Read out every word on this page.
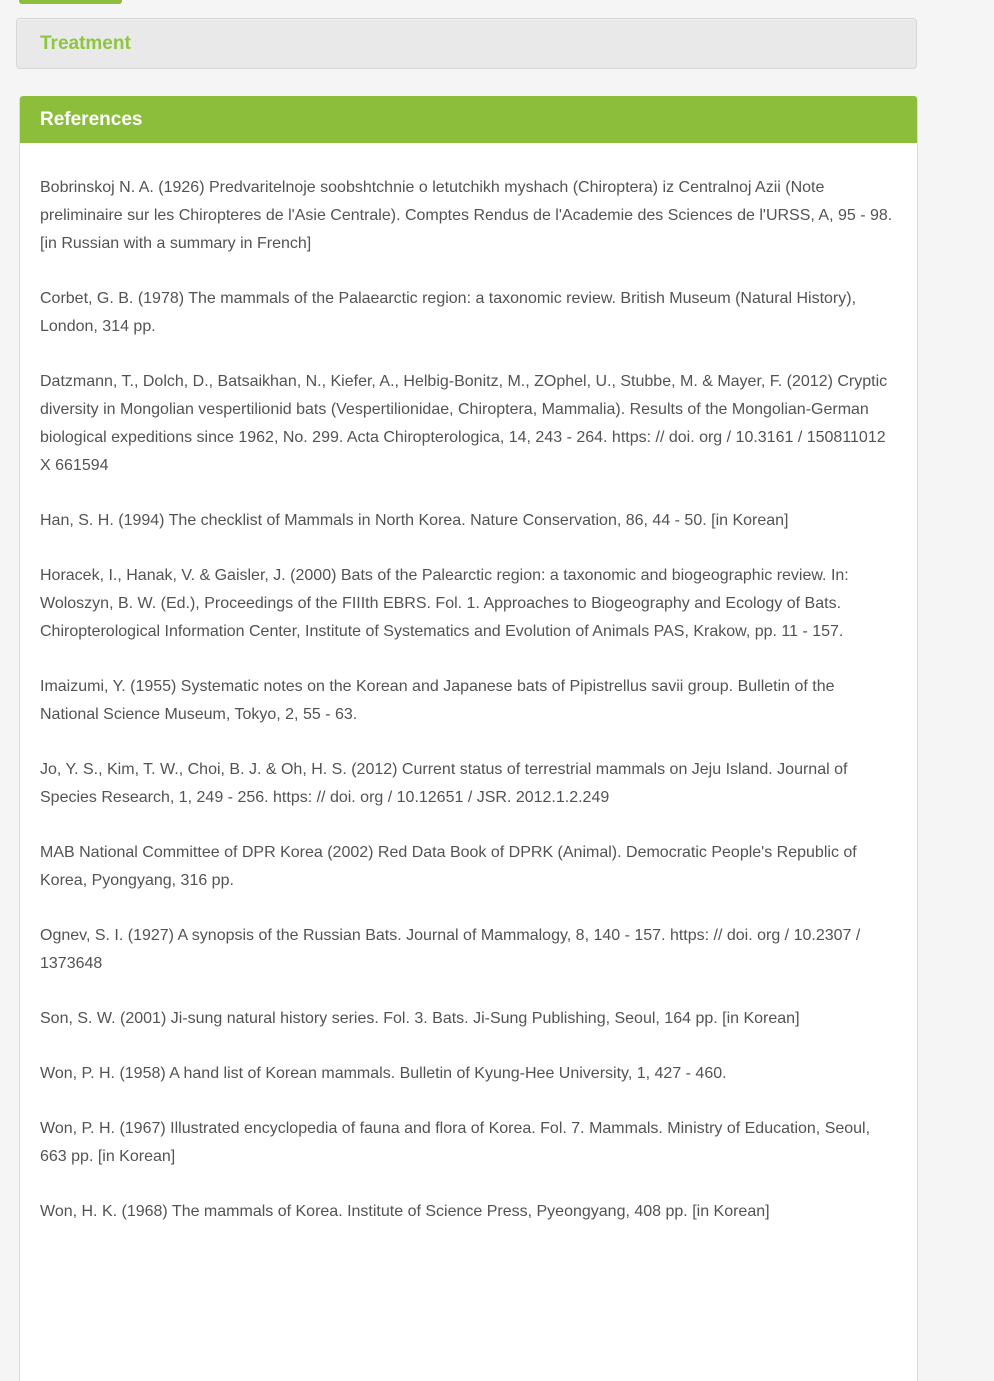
Treatment
References

Bobrinskoj N. A. (1926) Predvaritelnoje soobshtchnie o letutchikh myshach (Chiroptera) iz Centralnoj Azii (Note preliminaire sur les Chiropteres de l'Asie Centrale). Comptes Rendus de l'Academie des Sciences de l'URSS, A, 95 - 98. [in Russian with a summary in French]

Corbet, G. B. (1978) The mammals of the Palaearctic region: a taxonomic review. British Museum (Natural History), London, 314 pp.

Datzmann, T., Dolch, D., Batsaikhan, N., Kiefer, A., Helbig-Bonitz, M., ZOphel, U., Stubbe, M. & Mayer, F. (2012) Cryptic diversity in Mongolian vespertilionid bats (Vespertilionidae, Chiroptera, Mammalia). Results of the Mongolian-German biological expeditions since 1962, No. 299. Acta Chiropterologica, 14, 243 - 264. https: // doi. org / 10.3161 / 150811012 X 661594

Han, S. H. (1994) The checklist of Mammals in North Korea. Nature Conservation, 86, 44 - 50. [in Korean]

Horacek, I., Hanak, V. & Gaisler, J. (2000) Bats of the Palearctic region: a taxonomic and biogeographic review. In: Woloszyn, B. W. (Ed.), Proceedings of the FIIIth EBRS. Fol. 1. Approaches to Biogeography and Ecology of Bats. Chiropterological Information Center, Institute of Systematics and Evolution of Animals PAS, Krakow, pp. 11 - 157.

Imaizumi, Y. (1955) Systematic notes on the Korean and Japanese bats of Pipistrellus savii group. Bulletin of the National Science Museum, Tokyo, 2, 55 - 63.

Jo, Y. S., Kim, T. W., Choi, B. J. & Oh, H. S. (2012) Current status of terrestrial mammals on Jeju Island. Journal of Species Research, 1, 249 - 256. https: // doi. org / 10.12651 / JSR. 2012.1.2.249

MAB National Committee of DPR Korea (2002) Red Data Book of DPRK (Animal). Democratic People's Republic of Korea, Pyongyang, 316 pp.

Ognev, S. I. (1927) A synopsis of the Russian Bats. Journal of Mammalogy, 8, 140 - 157. https: // doi. org / 10.2307 / 1373648

Son, S. W. (2001) Ji-sung natural history series. Fol. 3. Bats. Ji-Sung Publishing, Seoul, 164 pp. [in Korean]

Won, P. H. (1958) A hand list of Korean mammals. Bulletin of Kyung-Hee University, 1, 427 - 460.

Won, P. H. (1967) Illustrated encyclopedia of fauna and flora of Korea. Fol. 7. Mammals. Ministry of Education, Seoul, 663 pp. [in Korean]

Won, H. K. (1968) The mammals of Korea. Institute of Science Press, Pyeongyang, 408 pp. [in Korean]
